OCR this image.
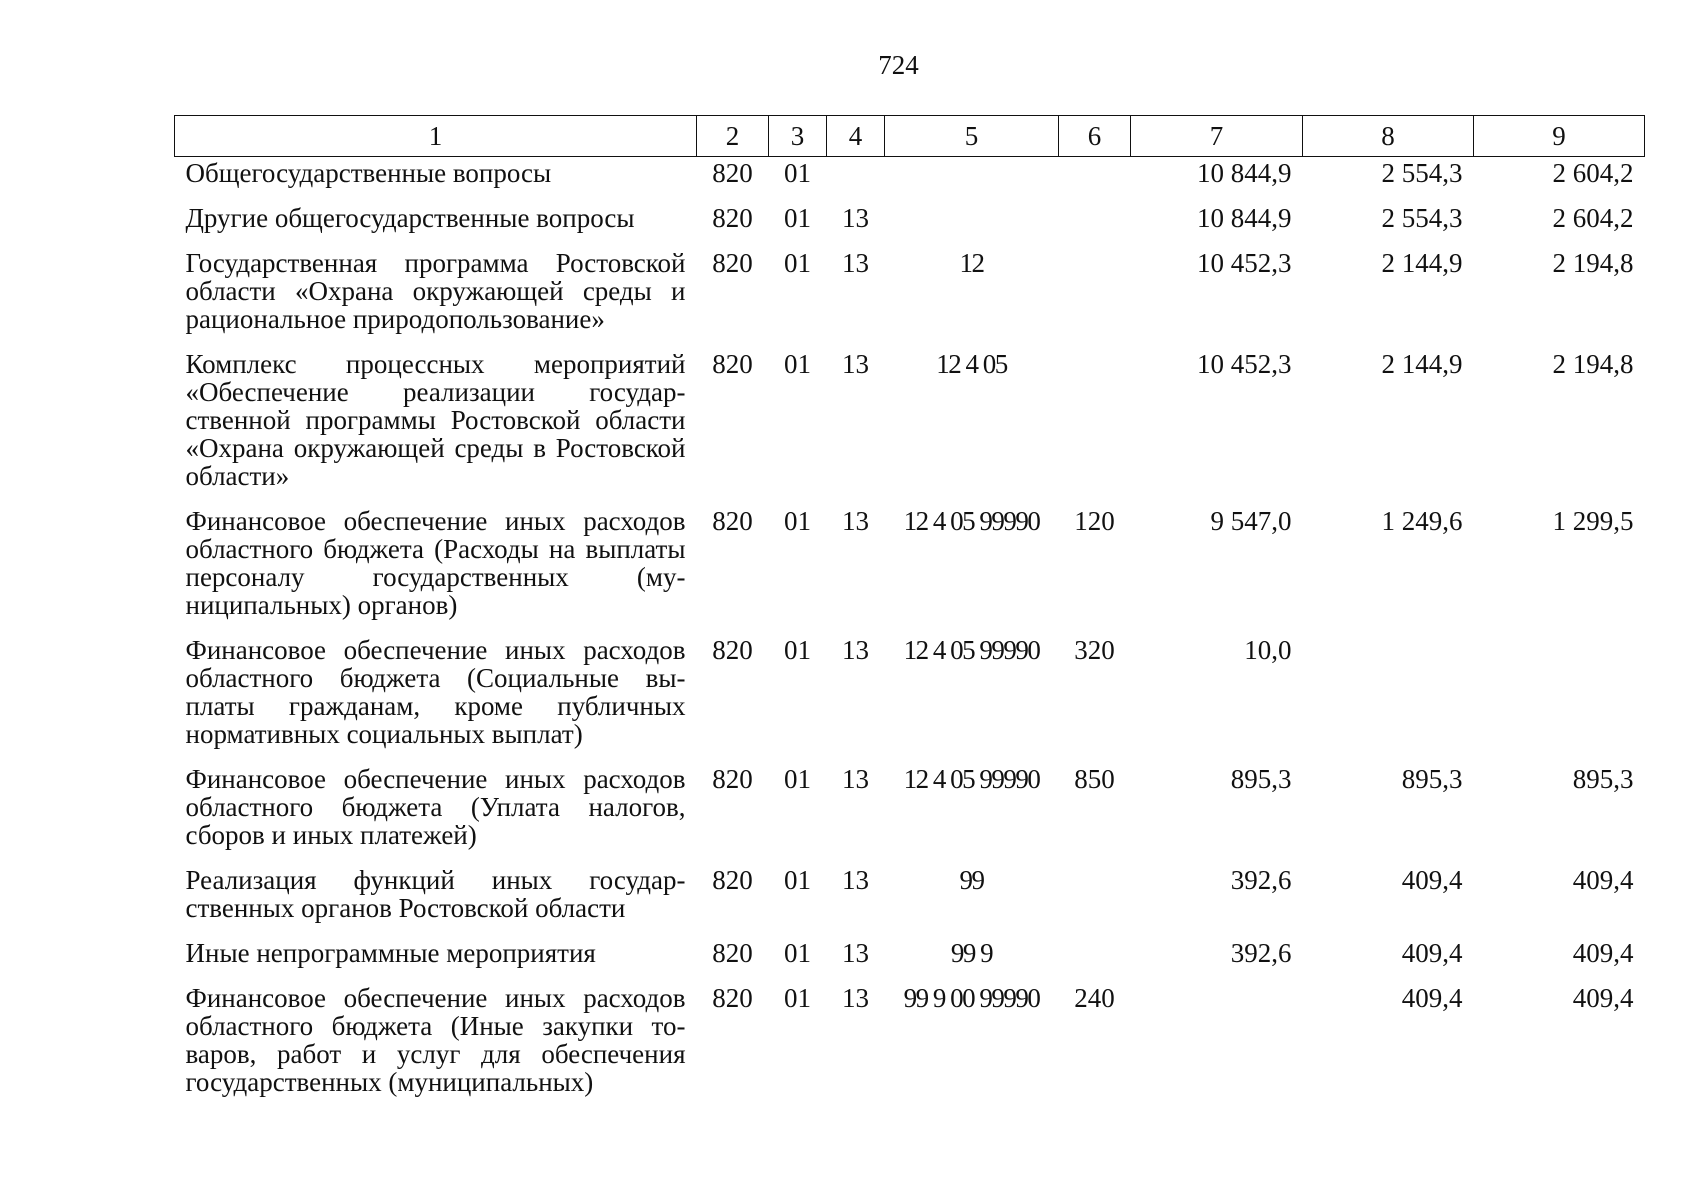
724
1	2	3	4	5	6	7	8	9
Общегосударственные вопросы	820	01				10 844,9	2 554,3	2 604,2
Другие общегосударственные вопросы	820	01	13			10 844,9	2 554,3	2 604,2
Государственная программа Ростовской области «Охрана окружающей среды и рациональное природопользование»	820	01	13	12		10 452,3	2 144,9	2 194,8
Комплекс процессных мероприятий «Обеспечение реализации государственной программы Ростовской области «Охрана окружающей среды в Ростовской области»	820	01	13	12 4 05		10 452,3	2 144,9	2 194,8
Финансовое обеспечение иных расходов областного бюджета (Расходы на выплаты персоналу государственных (муниципальных) органов)	820	01	13	12 4 05 99990	120	9 547,0	1 249,6	1 299,5
Финансовое обеспечение иных расходов областного бюджета (Социальные выплаты гражданам, кроме публичных нормативных социальных выплат)	820	01	13	12 4 05 99990	320	10,0		
Финансовое обеспечение иных расходов областного бюджета (Уплата налогов, сборов и иных платежей)	820	01	13	12 4 05 99990	850	895,3	895,3	895,3
Реализация функций иных государственных органов Ростовской области	820	01	13	99		392,6	409,4	409,4
Иные непрограммные мероприятия	820	01	13	99 9		392,6	409,4	409,4
Финансовое обеспечение иных расходов областного бюджета (Иные закупки товаров, работ и услуг для обеспечения государственных (муниципальных)	820	01	13	99 9 00 99990	240		409,4	409,4
